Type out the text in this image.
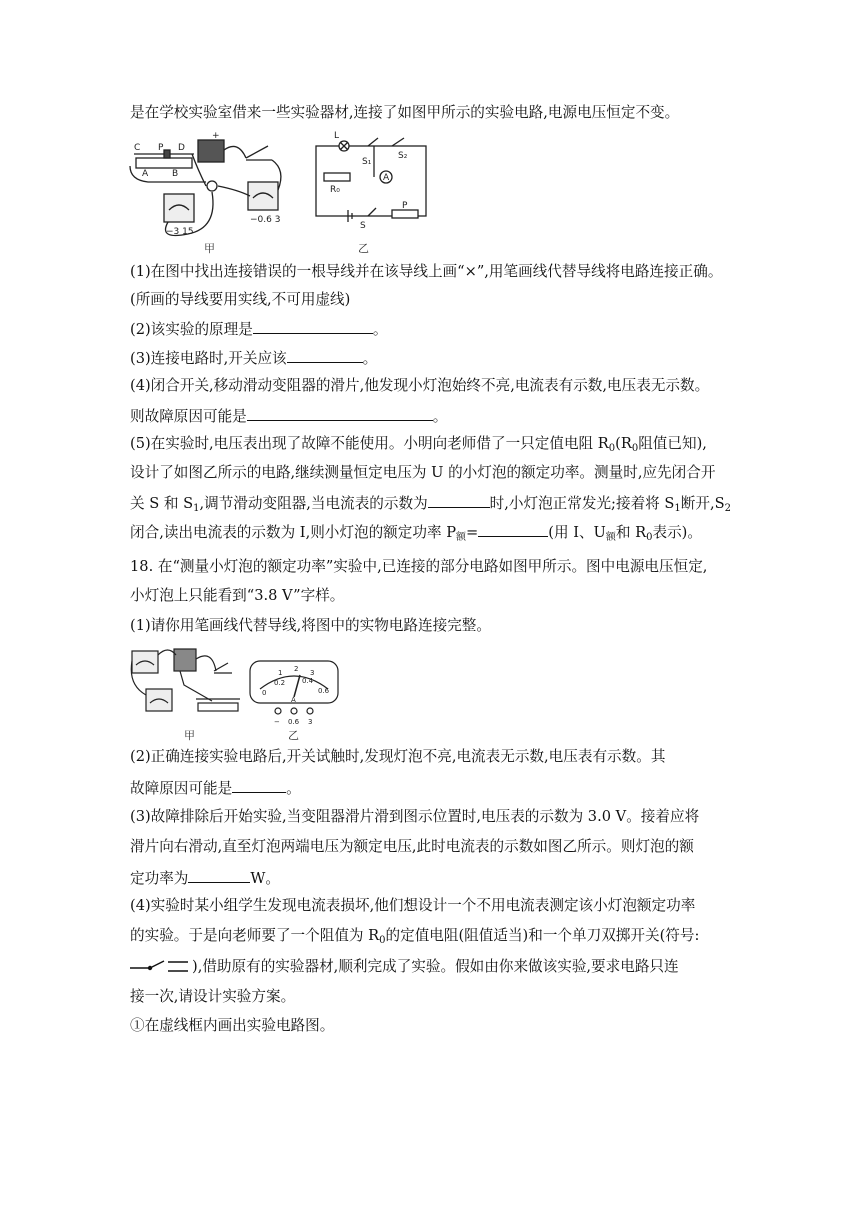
是在学校实验室借来一些实验器材,连接了如图甲所示的实验电路,电源电压恒定不变。
C P D
A	B
+
−3 15
−0.6 3
L
S₁
S₂
R₀
A
S
P
甲	乙
(1)在图中找出连接错误的一根导线并在该导线上画“×”,用笔画线代替导线将电路连接正确。
(所画的导线要用实线,不可用虚线)
(2)该实验的原理是	。
(3)连接电路时,开关应该	。
(4)闭合开关,移动滑动变阻器的滑片,他发现小灯泡始终不亮,电流表有示数,电压表无示数。
则故障原因可能是	。
(5)在实验时,电压表出现了故障不能使用。小明向老师借了一只定值电阻 $R_0(R_0$阻值已知),
设计了如图乙所示的电路,继续测量恒定电压为 U 的小灯泡的额定功率。测量时,应先闭合开
关 S 和 $S_1$,调节滑动变阻器,当电流表的示数为	时,小灯泡正常发光;接着将 $S_1$断开$,S_2$
闭合,读出电流表的示数为 I,则小灯泡的额定功率 $P_额=$	(用 I、$U_额$和 $R_0$表示)。
18. 在“测量小灯泡的额定功率”实验中,已连接的部分电路如图甲所示。图中电源电压恒定,
小灯泡上只能看到“3.8 V”字样。
(1)请你用笔画线代替导线,将图中的实物电路连接完整。
0
0.2 0.4
0.6
1 2 3
A
− 0.6 3
甲	乙
(2)正确连接实验电路后,开关试触时,发现灯泡不亮,电流表无示数,电压表有示数。其
故障原因可能是	。
(3)故障排除后开始实验,当变阻器滑片滑到图示位置时,电压表的示数为 3.0 V。接着应将
滑片向右滑动,直至灯泡两端电压为额定电压,此时电流表的示数如图乙所示。则灯泡的额
定功率为	W。
(4)实验时某小组学生发现电流表损坏,他们想设计一个不用电流表测定该小灯泡额定功率
的实验。于是向老师要了一个阻值为 $R_0$的定值电阻(阻值适当)和一个单刀双掷开关(符号:
),借助原有的实验器材,顺利完成了实验。假如由你来做该实验,要求电路只连
接一次,请设计实验方案。
①在虚线框内画出实验电路图。
